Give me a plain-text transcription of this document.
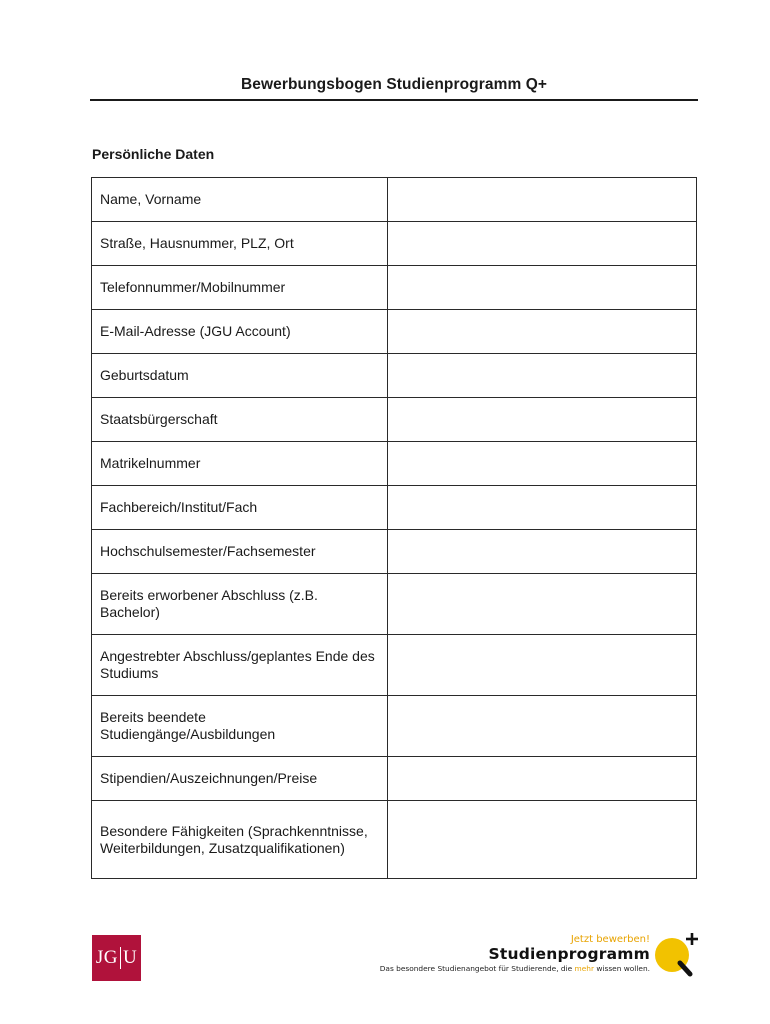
Bewerbungsbogen Studienprogramm Q+
Persönliche Daten
Name, Vorname	
Straße, Hausnummer, PLZ, Ort	
Telefonnummer/Mobilnummer	
E-Mail-Adresse (JGU Account)	
Geburtsdatum	
Staatsbürgerschaft	
Matrikelnummer	
Fachbereich/Institut/Fach	
Hochschulsemester/Fachsemester	
Bereits erworbener Abschluss (z.B. Bachelor)	
Angestrebter Abschluss/geplantes Ende des Studiums	
Bereits beendete Studiengänge/Ausbildungen	
Stipendien/Auszeichnungen/Preise	
Besondere Fähigkeiten (Sprachkenntnisse, Weiterbildungen, Zusatzqualifikationen)	
JG U
Jetzt bewerben!
Studienprogramm
Das besondere Studienangebot für Studierende, die mehr wissen wollen.
